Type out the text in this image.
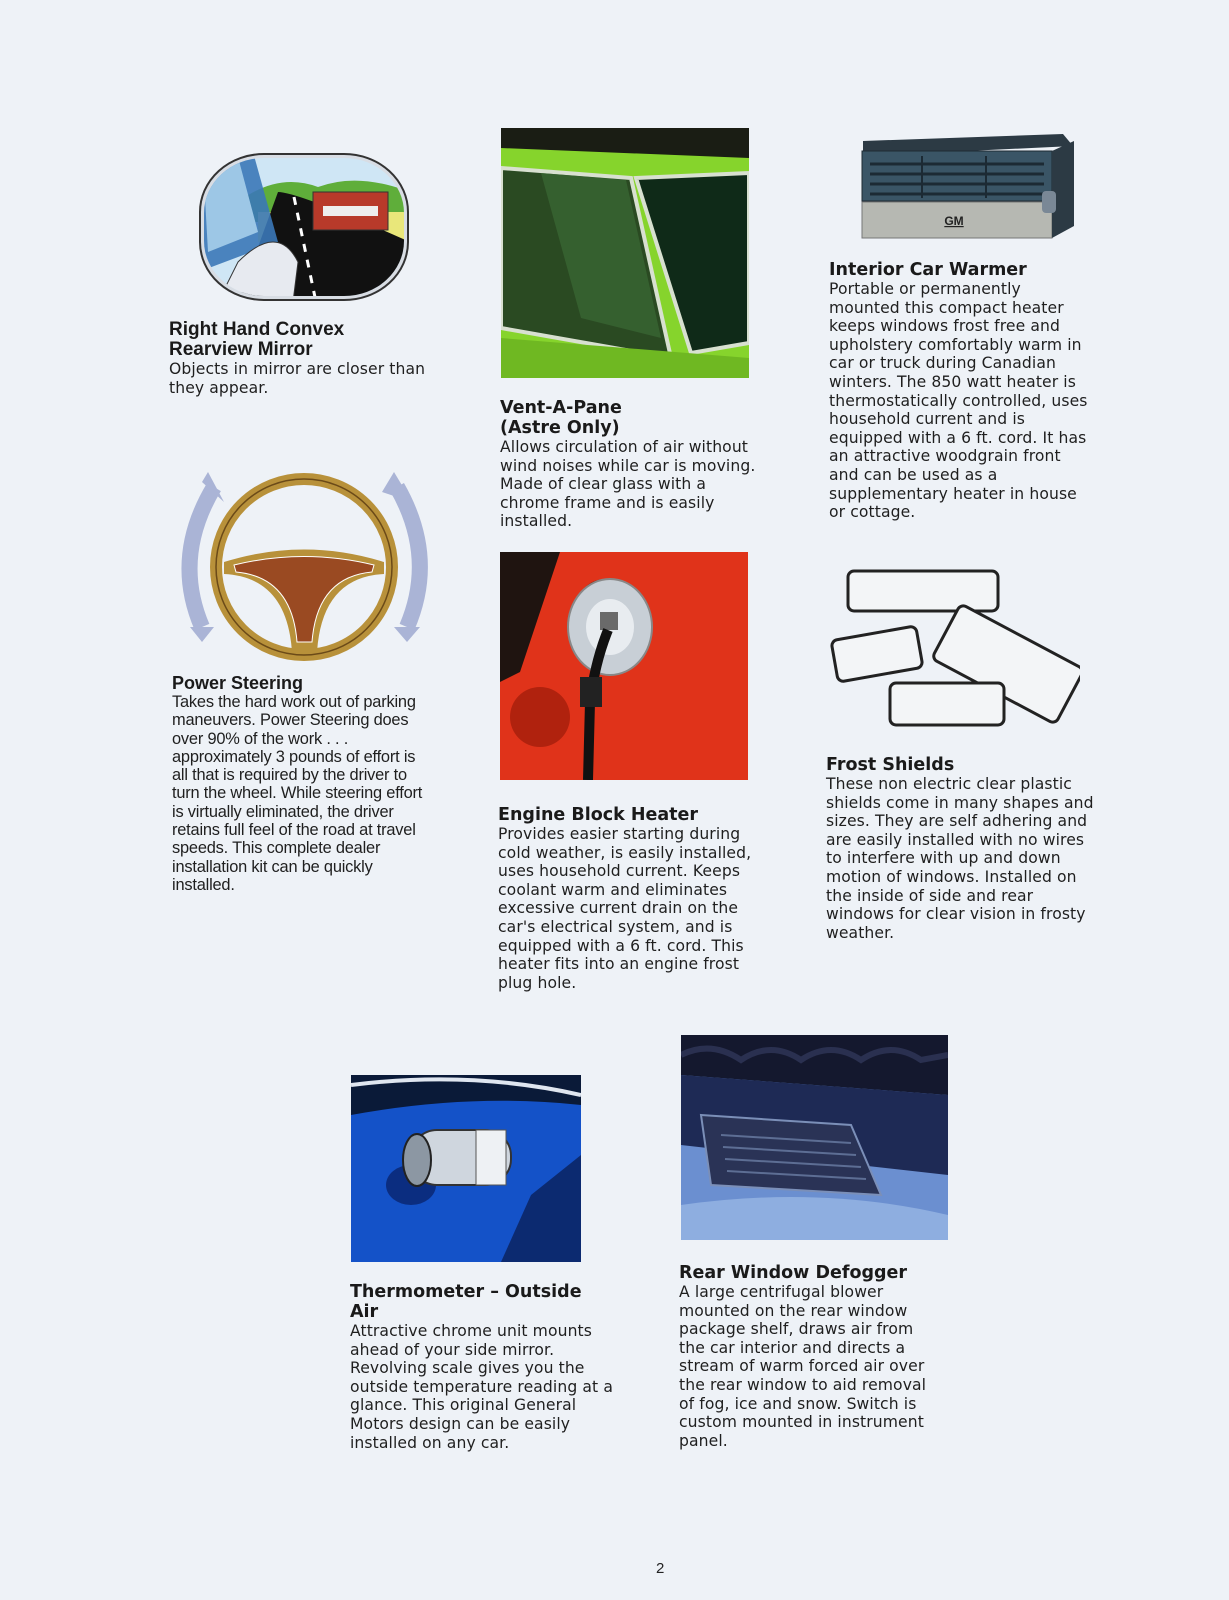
Right Hand Convex
Rearview Mirror
Objects in mirror are closer than they appear.
Power Steering
Takes the hard work out of parking maneuvers. Power Steering does over 90% of the work . . . approximately 3 pounds of effort is all that is required by the driver to turn the wheel. While steering effort is virtually eliminated, the driver retains full feel of the road at travel speeds. This complete dealer installation kit can be quickly installed.
Vent-A-Pane
(Astre Only)
Allows circulation of air without wind noises while car is moving. Made of clear glass with a chrome frame and is easily installed.
Engine Block Heater
Provides easier starting during cold weather, is easily installed, uses household current. Keeps coolant warm and eliminates excessive current drain on the car's electrical system, and is equipped with a 6 ft. cord. This heater fits into an engine frost plug hole.
GM
Interior Car Warmer
Portable or permanently mounted this compact heater keeps windows frost free and upholstery comfortably warm in car or truck during Canadian winters. The 850 watt heater is thermostatically controlled, uses household current and is equipped with a 6 ft. cord. It has an attractive woodgrain front and can be used as a supplementary heater in house or cottage.
Frost Shields
These non electric clear plastic shields come in many shapes and sizes. They are self adhering and are easily installed with no wires to interfere with up and down motion of windows. Installed on the inside of side and rear windows for clear vision in frosty weather.
Thermometer – Outside
Air
Attractive chrome unit mounts ahead of your side mirror. Revolving scale gives you the outside temperature reading at a glance. This original General Motors design can be easily installed on any car.
Rear Window Defogger
A large centrifugal blower mounted on the rear window package shelf, draws air from the car interior and directs a stream of warm forced air over the rear window to aid removal of fog, ice and snow. Switch is custom mounted in instrument panel.
2
